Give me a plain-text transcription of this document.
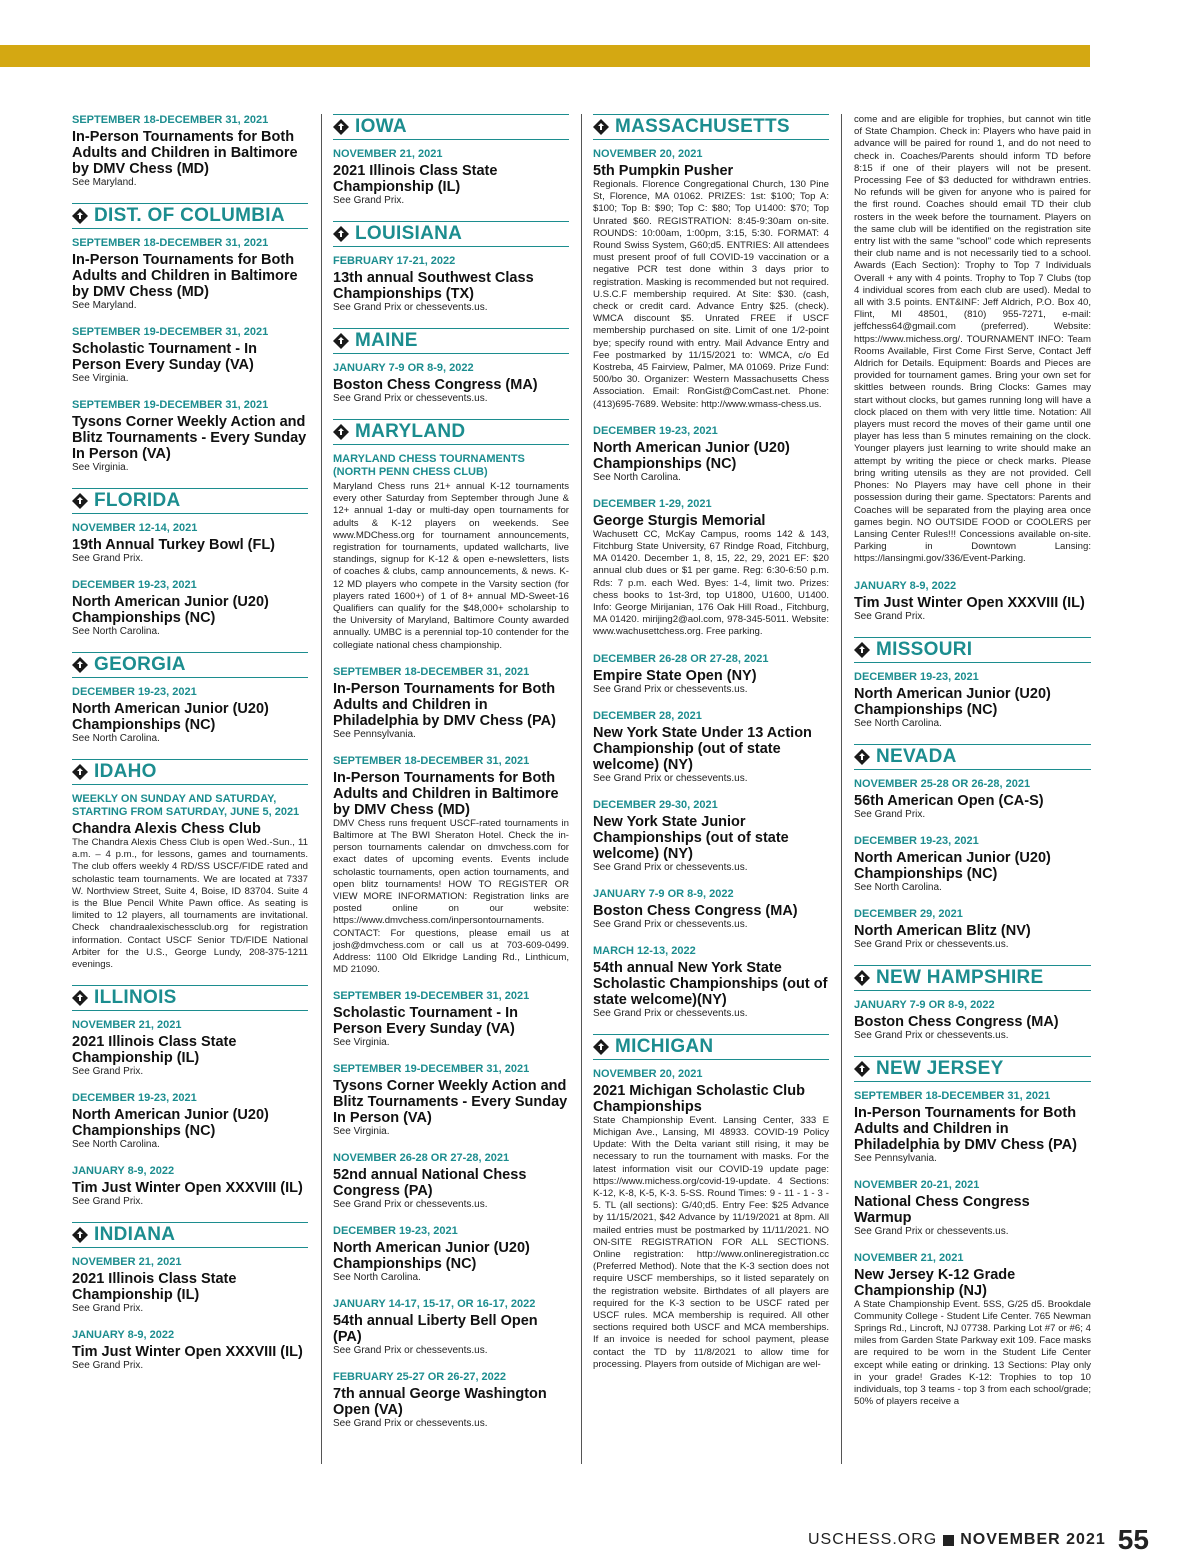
SEPTEMBER 18-DECEMBER 31, 2021
In-Person Tournaments for Both Adults and Children in Baltimore by DMV Chess (MD)
See Maryland.
DIST. OF COLUMBIA
SEPTEMBER 18-DECEMBER 31, 2021
In-Person Tournaments for Both Adults and Children in Baltimore by DMV Chess (MD)
See Maryland.
SEPTEMBER 19-DECEMBER 31, 2021
Scholastic Tournament - In Person Every Sunday (VA)
See Virginia.
SEPTEMBER 19-DECEMBER 31, 2021
Tysons Corner Weekly Action and Blitz Tournaments - Every Sunday In Person (VA)
See Virginia.
FLORIDA
NOVEMBER 12-14, 2021
19th Annual Turkey Bowl (FL)
See Grand Prix.
DECEMBER 19-23, 2021
North American Junior (U20) Championships (NC)
See North Carolina.
GEORGIA
DECEMBER 19-23, 2021
North American Junior (U20) Championships (NC)
See North Carolina.
IDAHO
WEEKLY ON SUNDAY AND SATURDAY, STARTING FROM SATURDAY, JUNE 5, 2021
Chandra Alexis Chess Club
The Chandra Alexis Chess Club is open Wed.-Sun., 11 a.m. – 4 p.m., for lessons, games and tournaments. The club offers weekly 4 RD/SS USCF/FIDE rated and scholastic team tournaments. We are located at 7337 W. Northview Street, Suite 4, Boise, ID 83704. Suite 4 is the Blue Pencil White Pawn office. As seating is limited to 12 players, all tournaments are invitational. Check chandraalexischessclub.org for registration information. Contact USCF Senior TD/FIDE National Arbiter for the U.S., George Lundy, 208-375-1211 evenings.
ILLINOIS
NOVEMBER 21, 2021
2021 Illinois Class State Championship (IL)
See Grand Prix.
DECEMBER 19-23, 2021
North American Junior (U20) Championships (NC)
See North Carolina.
JANUARY 8-9, 2022
Tim Just Winter Open XXXVIII (IL)
See Grand Prix.
INDIANA
NOVEMBER 21, 2021
2021 Illinois Class State Championship (IL)
See Grand Prix.
JANUARY 8-9, 2022
Tim Just Winter Open XXXVIII (IL)
See Grand Prix.
IOWA
NOVEMBER 21, 2021
2021 Illinois Class State Championship (IL)
See Grand Prix.
LOUISIANA
FEBRUARY 17-21, 2022
13th annual Southwest Class Championships (TX)
See Grand Prix or chessevents.us.
MAINE
JANUARY 7-9 OR 8-9, 2022
Boston Chess Congress (MA)
See Grand Prix or chessevents.us.
MARYLAND
MARYLAND CHESS TOURNAMENTS (NORTH PENN CHESS CLUB)
Maryland Chess runs 21+ annual K-12 tournaments every other Saturday from September through June & 12+ annual 1-day or multi-day open tournaments for adults & K-12 players on weekends. See www.MDChess.org for tournament announcements, registration for tournaments, updated wallcharts, live standings, signup for K-12 & open e-newsletters, lists of coaches & clubs, camp announcements, & news. K-12 MD players who compete in the Varsity section (for players rated 1600+) of 1 of 8+ annual MD-Sweet-16 Qualifiers can qualify for the $48,000+ scholarship to the University of Maryland, Baltimore County awarded annually. UMBC is a perennial top-10 contender for the collegiate national chess championship.
SEPTEMBER 18-DECEMBER 31, 2021
In-Person Tournaments for Both Adults and Children in Philadelphia by DMV Chess (PA)
See Pennsylvania.
SEPTEMBER 18-DECEMBER 31, 2021
In-Person Tournaments for Both Adults and Children in Baltimore by DMV Chess (MD)
DMV Chess runs frequent USCF-rated tournaments in Baltimore at The BWI Sheraton Hotel. Check the in-person tournaments calendar on dmvchess.com for exact dates of upcoming events. Events include scholastic tournaments, open action tournaments, and open blitz tournaments! HOW TO REGISTER OR VIEW MORE INFORMATION: Registration links are posted online on our website: https://www.dmvchess.com/inpersontournaments. CONTACT: For questions, please email us at josh@dmvchess.com or call us at 703-609-0499. Address: 1100 Old Elkridge Landing Rd., Linthicum, MD 21090.
SEPTEMBER 19-DECEMBER 31, 2021
Scholastic Tournament - In Person Every Sunday (VA)
See Virginia.
SEPTEMBER 19-DECEMBER 31, 2021
Tysons Corner Weekly Action and Blitz Tournaments - Every Sunday In Person (VA)
See Virginia.
NOVEMBER 26-28 OR 27-28, 2021
52nd annual National Chess Congress (PA)
See Grand Prix or chessevents.us.
DECEMBER 19-23, 2021
North American Junior (U20) Championships (NC)
See North Carolina.
JANUARY 14-17, 15-17, OR 16-17, 2022
54th annual Liberty Bell Open (PA)
See Grand Prix or chessevents.us.
FEBRUARY 25-27 OR 26-27, 2022
7th annual George Washington Open (VA)
See Grand Prix or chessevents.us.
MASSACHUSETTS
NOVEMBER 20, 2021
5th Pumpkin Pusher
Regionals. Florence Congregational Church, 130 Pine St, Florence, MA 01062. PRIZES: 1st: $100; Top A: $100; Top B: $90; Top C: $80; Top U1400: $70; Top Unrated $60. REGISTRATION: 8:45-9:30am on-site. ROUNDS: 10:00am, 1:00pm, 3:15, 5:30. FORMAT: 4 Round Swiss System, G60;d5. ENTRIES: All attendees must present proof of full COVID-19 vaccination or a negative PCR test done within 3 days prior to registration. Masking is recommended but not required. U.S.C.F membership required. At Site: $30. (cash, check or credit card. Advance Entry $25. (check). WMCA discount $5. Unrated FREE if USCF membership purchased on site. Limit of one 1/2-point bye; specify round with entry. Mail Advance Entry and Fee postmarked by 11/15/2021 to: WMCA, c/o Ed Kostreba, 45 Fairview, Palmer, MA 01069. Prize Fund: 500/bo 30. Organizer: Western Massachusetts Chess Association. Email: RonGist@ComCast.net. Phone: (413)695-7689. Website: http://www.wmass-chess.us.
DECEMBER 19-23, 2021
North American Junior (U20) Championships (NC)
See North Carolina.
DECEMBER 1-29, 2021
George Sturgis Memorial
Wachusett CC, McKay Campus, rooms 142 & 143, Fitchburg State University, 67 Rindge Road, Fitchburg, MA 01420. December 1, 8, 15, 22, 29, 2021 EF: $20 annual club dues or $1 per game. Reg: 6:30-6:50 p.m. Rds: 7 p.m. each Wed. Byes: 1-4, limit two. Prizes: chess books to 1st-3rd, top U1800, U1600, U1400. Info: George Mirijanian, 176 Oak Hill Road., Fitchburg, MA 01420. mirijing2@aol.com, 978-345-5011. Website: www.wachusettchess.org. Free parking.
DECEMBER 26-28 OR 27-28, 2021
Empire State Open (NY)
See Grand Prix or chessevents.us.
DECEMBER 28, 2021
New York State Under 13 Action Championship (out of state welcome) (NY)
See Grand Prix or chessevents.us.
DECEMBER 29-30, 2021
New York State Junior Championships (out of state welcome) (NY)
See Grand Prix or chessevents.us.
JANUARY 7-9 OR 8-9, 2022
Boston Chess Congress (MA)
See Grand Prix or chessevents.us.
MARCH 12-13, 2022
54th annual New York State Scholastic Championships (out of state welcome)(NY)
See Grand Prix or chessevents.us.
MICHIGAN
NOVEMBER 20, 2021
2021 Michigan Scholastic Club Championships
State Championship Event. Lansing Center, 333 E Michigan Ave., Lansing, MI 48933. COVID-19 Policy Update: With the Delta variant still rising, it may be necessary to run the tournament with masks. For the latest information visit our COVID-19 update page: https://www.michess.org/covid-19-update. 4 Sections: K-12, K-8, K-5, K-3. 5-SS. Round Times: 9 - 11 - 1 - 3 - 5. TL (all sections): G/40;d5. Entry Fee: $25 Advance by 11/15/2021, $42 Advance by 11/19/2021 at 8pm. All mailed entries must be postmarked by 11/11/2021. NO ON-SITE REGISTRATION FOR ALL SECTIONS. Online registration: http://www.onlineregistration.cc (Preferred Method). Note that the K-3 section does not require USCF memberships, so it listed separately on the registration website. Birthdates of all players are required for the K-3 section to be USCF rated per USCF rules. MCA membership is required. All other sections required both USCF and MCA memberships. If an invoice is needed for school payment, please contact the TD by 11/8/2021 to allow time for processing. Players from outside of Michigan are wel-
come and are eligible for trophies, but cannot win title of State Champion. Check in: Players who have paid in advance will be paired for round 1, and do not need to check in. Coaches/Parents should inform TD before 8:15 if one of their players will not be present. Processing Fee of $3 deducted for withdrawn entries. No refunds will be given for anyone who is paired for the first round. Coaches should email TD their club rosters in the week before the tournament. Players on the same club will be identified on the registration site entry list with the same "school" code which represents their club name and is not necessarily tied to a school. Awards (Each Section): Trophy to Top 7 Individuals Overall + any with 4 points. Trophy to Top 7 Clubs (top 4 individual scores from each club are used). Medal to all with 3.5 points. ENT&INF: Jeff Aldrich, P.O. Box 40, Flint, MI 48501, (810) 955-7271, e-mail: jeffchess64@gmail.com (preferred). Website: https://www.michess.org/. TOURNAMENT INFO: Team Rooms Available, First Come First Serve, Contact Jeff Aldrich for Details. Equipment: Boards and Pieces are provided for tournament games. Bring your own set for skittles between rounds. Bring Clocks: Games may start without clocks, but games running long will have a clock placed on them with very little time. Notation: All players must record the moves of their game until one player has less than 5 minutes remaining on the clock. Younger players just learning to write should make an attempt by writing the piece or check marks. Please bring writing utensils as they are not provided. Cell Phones: No Players may have cell phone in their possession during their game. Spectators: Parents and Coaches will be separated from the playing area once games begin. NO OUTSIDE FOOD or COOLERS per Lansing Center Rules!!! Concessions available on-site. Parking in Downtown Lansing: https://lansingmi.gov/336/Event-Parking.
JANUARY 8-9, 2022
Tim Just Winter Open XXXVIII (IL)
See Grand Prix.
MISSOURI
DECEMBER 19-23, 2021
North American Junior (U20) Championships (NC)
See North Carolina.
NEVADA
NOVEMBER 25-28 OR 26-28, 2021
56th American Open (CA-S)
See Grand Prix.
DECEMBER 19-23, 2021
North American Junior (U20) Championships (NC)
See North Carolina.
DECEMBER 29, 2021
North American Blitz (NV)
See Grand Prix or chessevents.us.
NEW HAMPSHIRE
JANUARY 7-9 OR 8-9, 2022
Boston Chess Congress (MA)
See Grand Prix or chessevents.us.
NEW JERSEY
SEPTEMBER 18-DECEMBER 31, 2021
In-Person Tournaments for Both Adults and Children in Philadelphia by DMV Chess (PA)
See Pennsylvania.
NOVEMBER 20-21, 2021
National Chess Congress Warmup
See Grand Prix or chessevents.us.
NOVEMBER 21, 2021
New Jersey K-12 Grade Championship (NJ)
A State Championship Event. 5SS, G/25 d5. Brookdale Community College - Student Life Center. 765 Newman Springs Rd., Lincroft, NJ 07738. Parking Lot #7 or #6; 4 miles from Garden State Parkway exit 109. Face masks are required to be worn in the Student Life Center except while eating or drinking. 13 Sections: Play only in your grade! Grades K-12: Trophies to top 10 individuals, top 3 teams - top 3 from each school/grade; 50% of players receive a
USCHESS.ORG NOVEMBER 2021 55
